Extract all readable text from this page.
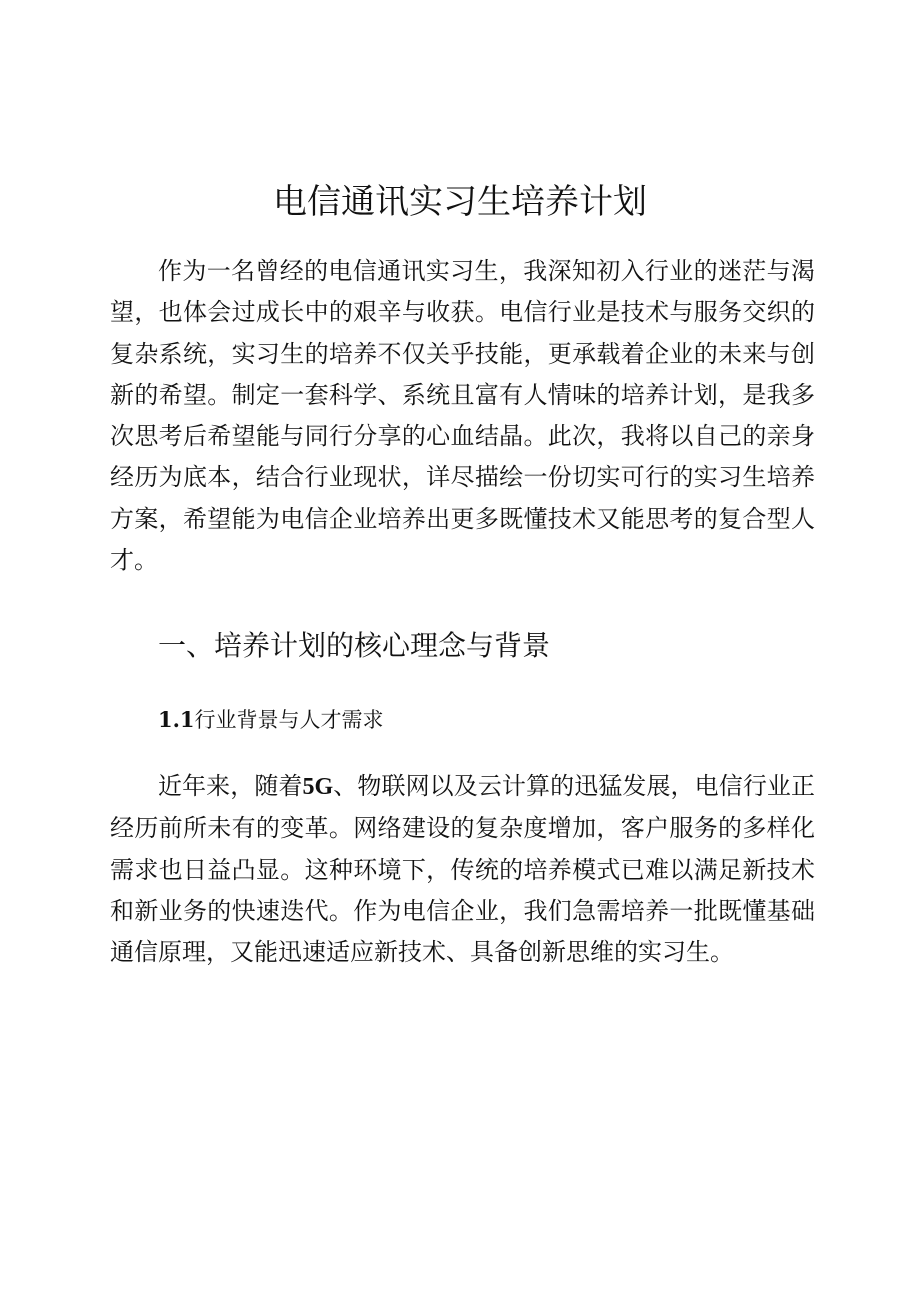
电信通讯实习生培养计划

作为一名曾经的电信通讯实习生，我深知初入行业的迷茫与渴望，也体会过成长中的艰辛与收获。电信行业是技术与服务交织的复杂系统，实习生的培养不仅关乎技能，更承载着企业的未来与创新的希望。制定一套科学、系统且富有人情味的培养计划，是我多次思考后希望能与同行分享的心血结晶。此次，我将以自己的亲身经历为底本，结合行业现状，详尽描绘一份切实可行的实习生培养方案，希望能为电信企业培养出更多既懂技术又能思考的复合型人才。

一、培养计划的核心理念与背景
1.1行业背景与人才需求

近年来，随着5G、物联网以及云计算的迅猛发展，电信行业正经历前所未有的变革。网络建设的复杂度增加，客户服务的多样化需求也日益凸显。这种环境下，传统的培养模式已难以满足新技术和新业务的快速迭代。作为电信企业，我们急需培养一批既懂基础通信原理，又能迅速适应新技术、具备创新思维的实习生。
